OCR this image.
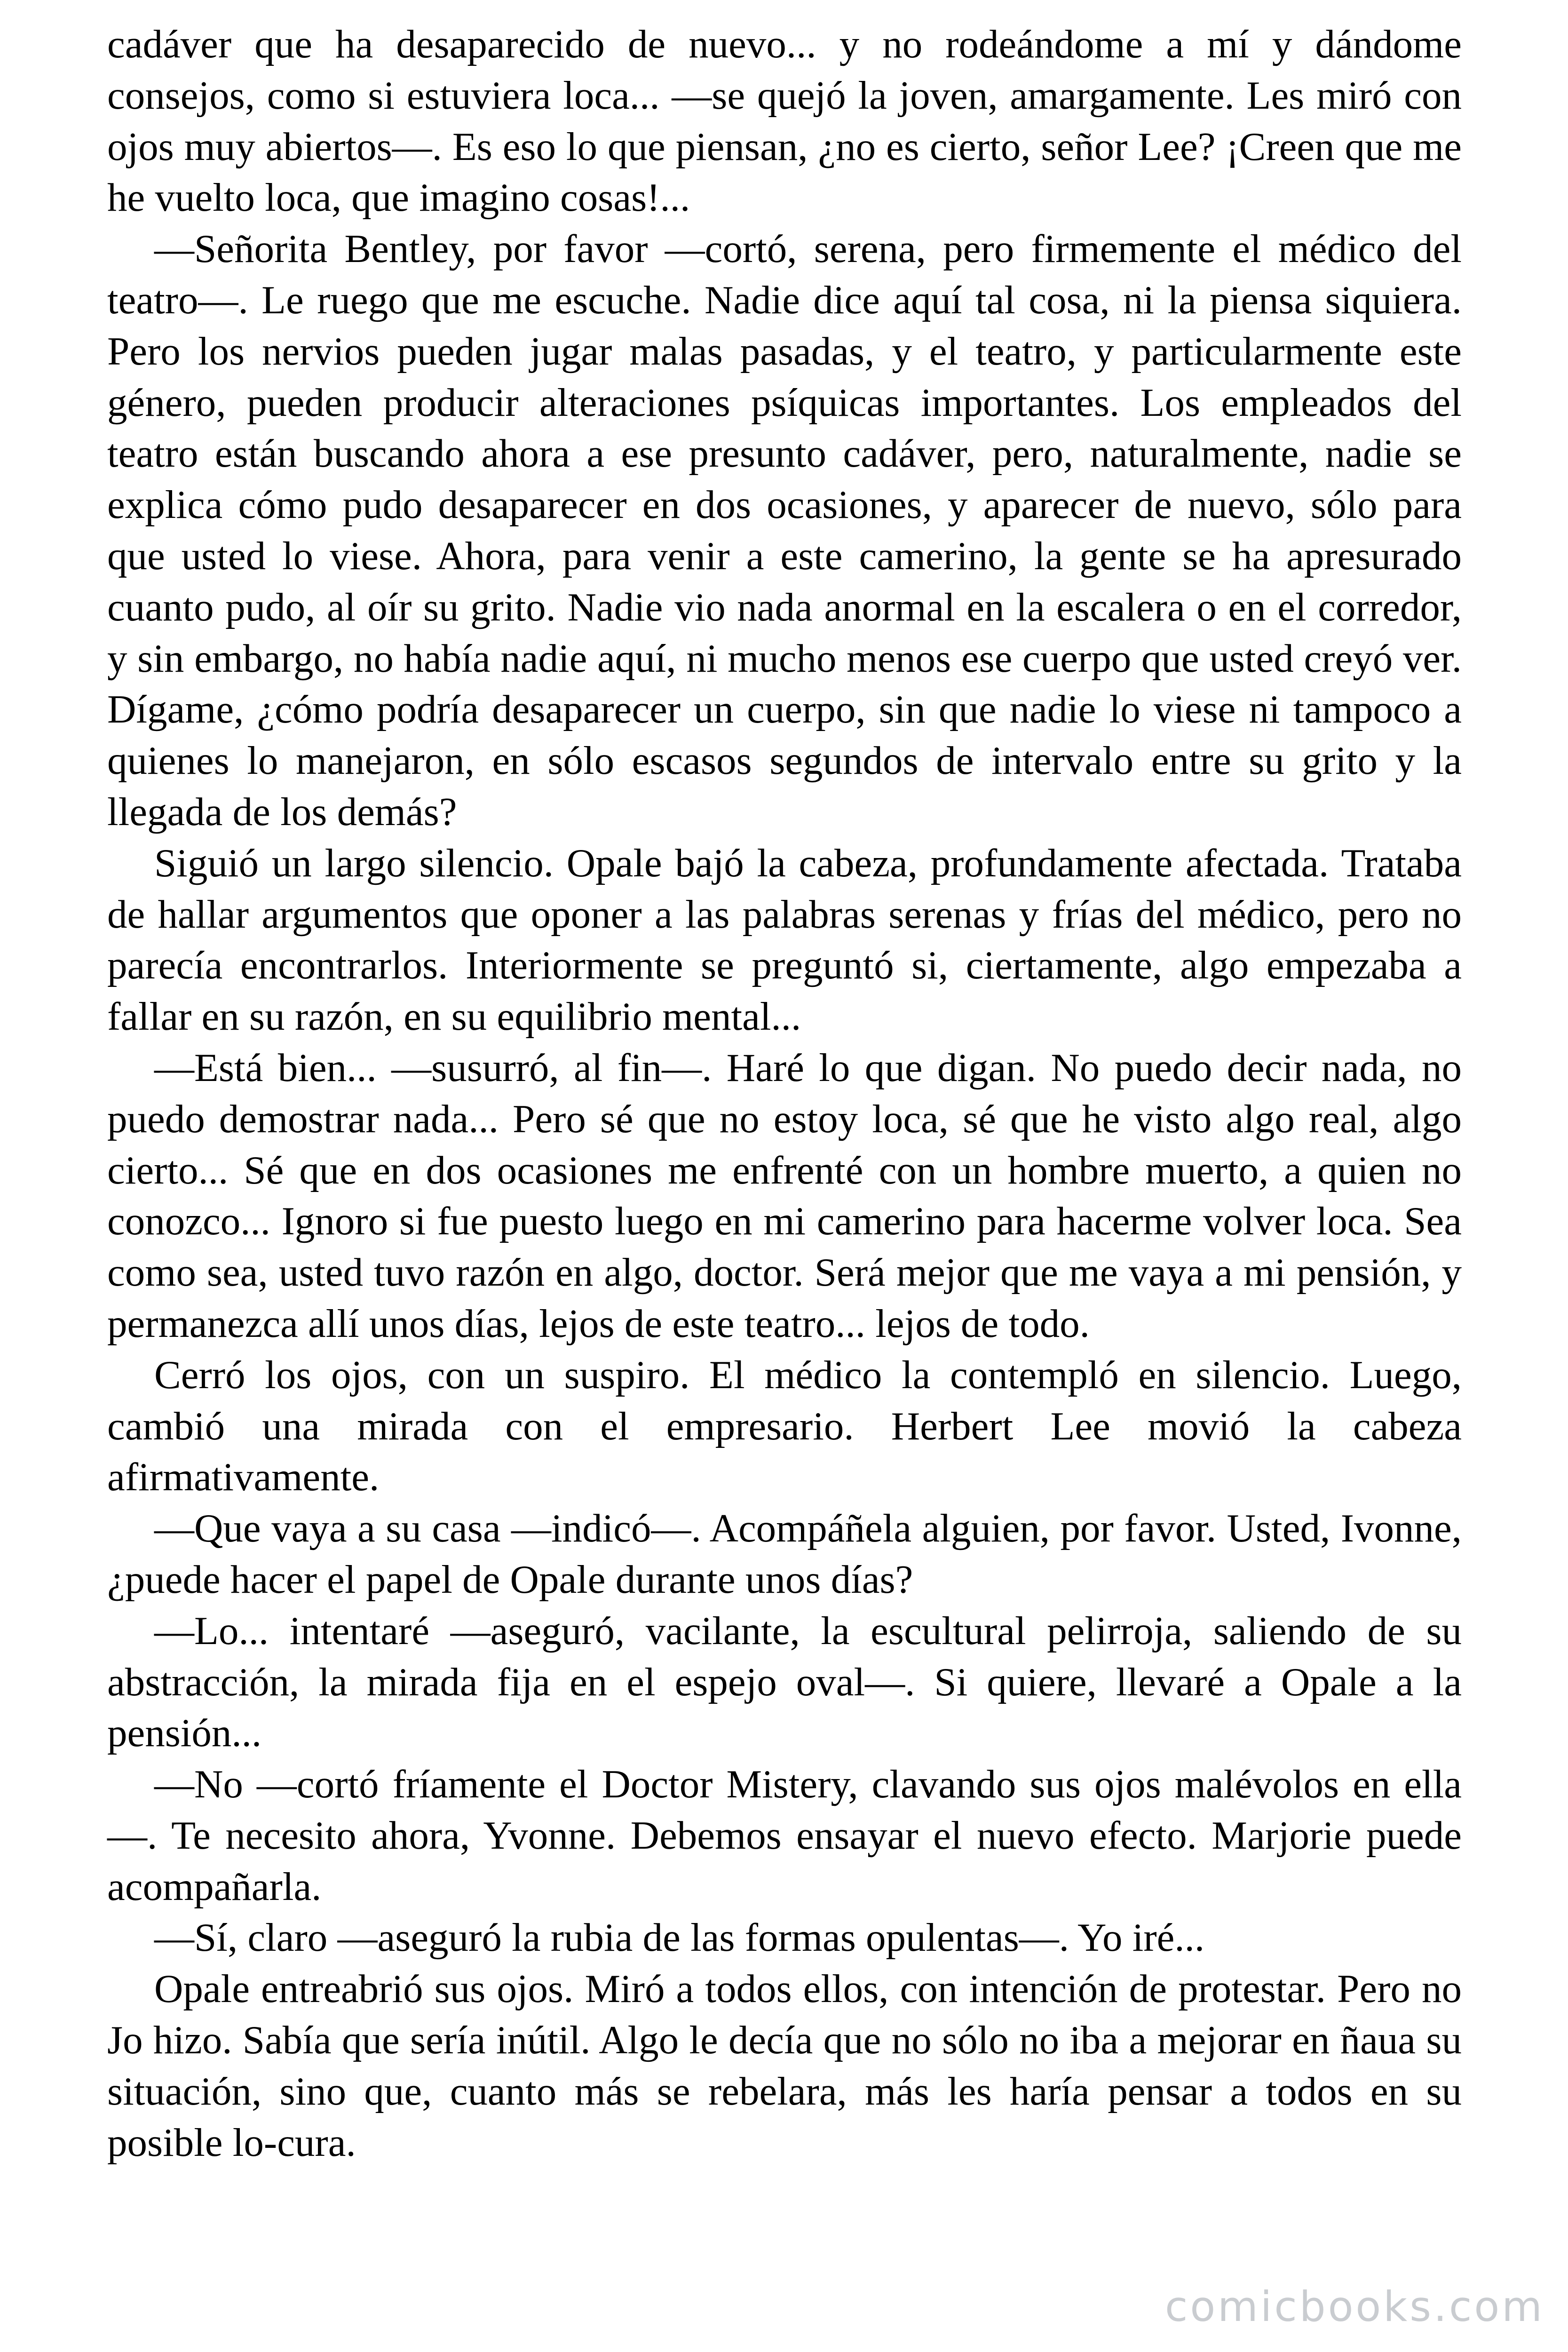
cadáver que ha desaparecido de nuevo... y no rodeándome a mí y dándome consejos, como si estuviera loca... —se quejó la joven, amargamente. Les miró con ojos muy abiertos—. Es eso lo que piensan, ¿no es cierto, señor Lee? ¡Creen que me he vuelto loca, que imagino cosas!...

—Señorita Bentley, por favor —cortó, serena, pero firmemente el médico del teatro—. Le ruego que me escuche. Nadie dice aquí tal cosa, ni la piensa siquiera. Pero los nervios pueden jugar malas pasadas, y el teatro, y particularmente este género, pueden producir alteraciones psíquicas importantes. Los empleados del teatro están buscando ahora a ese presunto cadáver, pero, naturalmente, nadie se explica cómo pudo desaparecer en dos ocasiones, y aparecer de nuevo, sólo para que usted lo viese. Ahora, para venir a este camerino, la gente se ha apresurado cuanto pudo, al oír su grito. Nadie vio nada anormal en la escalera o en el corredor, y sin embargo, no había nadie aquí, ni mucho menos ese cuerpo que usted creyó ver. Dígame, ¿cómo podría desaparecer un cuerpo, sin que nadie lo viese ni tampoco a quienes lo manejaron, en sólo escasos segundos de intervalo entre su grito y la llegada de los demás?

Siguió un largo silencio. Opale bajó la cabeza, profundamente afectada. Trataba de hallar argumentos que oponer a las palabras serenas y frías del médico, pero no parecía encontrarlos. Interiormente se preguntó si, ciertamente, algo empezaba a fallar en su razón, en su equilibrio mental...

—Está bien... —susurró, al fin—. Haré lo que digan. No puedo decir nada, no puedo demostrar nada... Pero sé que no estoy loca, sé que he visto algo real, algo cierto... Sé que en dos ocasiones me enfrenté con un hombre muerto, a quien no conozco... Ignoro si fue puesto luego en mi camerino para hacerme volver loca. Sea como sea, usted tuvo razón en algo, doctor. Será mejor que me vaya a mi pensión, y permanezca allí unos días, lejos de este teatro... lejos de todo.

Cerró los ojos, con un suspiro. El médico la contempló en silencio. Luego, cambió una mirada con el empresario. Herbert Lee movió la cabeza afirmativamente.

—Que vaya a su casa —indicó—. Acompáñela alguien, por favor. Usted, Ivonne, ¿puede hacer el papel de Opale durante unos días?

—Lo... intentaré —aseguró, vacilante, la escultural pelirroja, saliendo de su abstracción, la mirada fija en el espejo oval—. Si quiere, llevaré a Opale a la pensión...

—No —cortó fríamente el Doctor Mistery, clavando sus ojos malévolos en ella—. Te necesito ahora, Yvonne. Debemos ensayar el nuevo efecto. Marjorie puede acompañarla.

—Sí, claro —aseguró la rubia de las formas opulentas—. Yo iré...

Opale entreabrió sus ojos. Miró a todos ellos, con intención de protestar. Pero no Jo hizo. Sabía que sería inútil. Algo le decía que no sólo no iba a mejorar en ñaua su situación, sino que, cuanto más se rebelara, más les haría pensar a todos en su posible lo-cura.

comicbooks.com
